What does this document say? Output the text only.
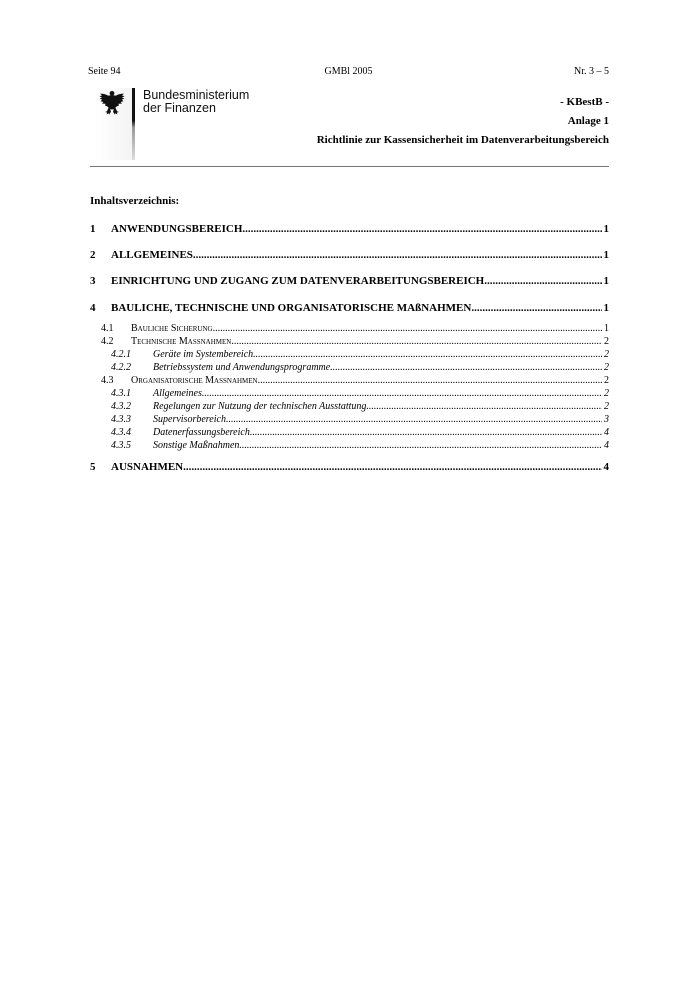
Seite 94	GMBl 2005	Nr. 3 – 5
Bundesministerium
der Finanzen	- KBestB -
Anlage 1
Richtlinie zur Kassensicherheit im Datenverarbeitungsbereich
Inhaltsverzeichnis:
1	ANWENDUNGSBEREICH .....	1
2	ALLGEMEINES .....	1
3	EINRICHTUNG UND ZUGANG ZUM DATENVERARBEITUNGSBEREICH .....	1
4	BAULICHE, TECHNISCHE UND ORGANISATORISCHE MAßNAHMEN .....	1
4.1	Bauliche Sicherung .....	1
4.2	Technische Maßnahmen .....	2
4.2.1	Geräte im Systembereich .....	2
4.2.2	Betriebssystem und Anwendungsprogramme .....	2
4.3	Organisatorische Maßnahmen .....	2
4.3.1	Allgemeines .....	2
4.3.2	Regelungen zur Nutzung der technischen Ausstattung .....	2
4.3.3	Supervisorbereich .....	3
4.3.4	Datenerfassungsbereich .....	4
4.3.5	Sonstige Maßnahmen .....	4
5	AUSNAHMEN .....	4
